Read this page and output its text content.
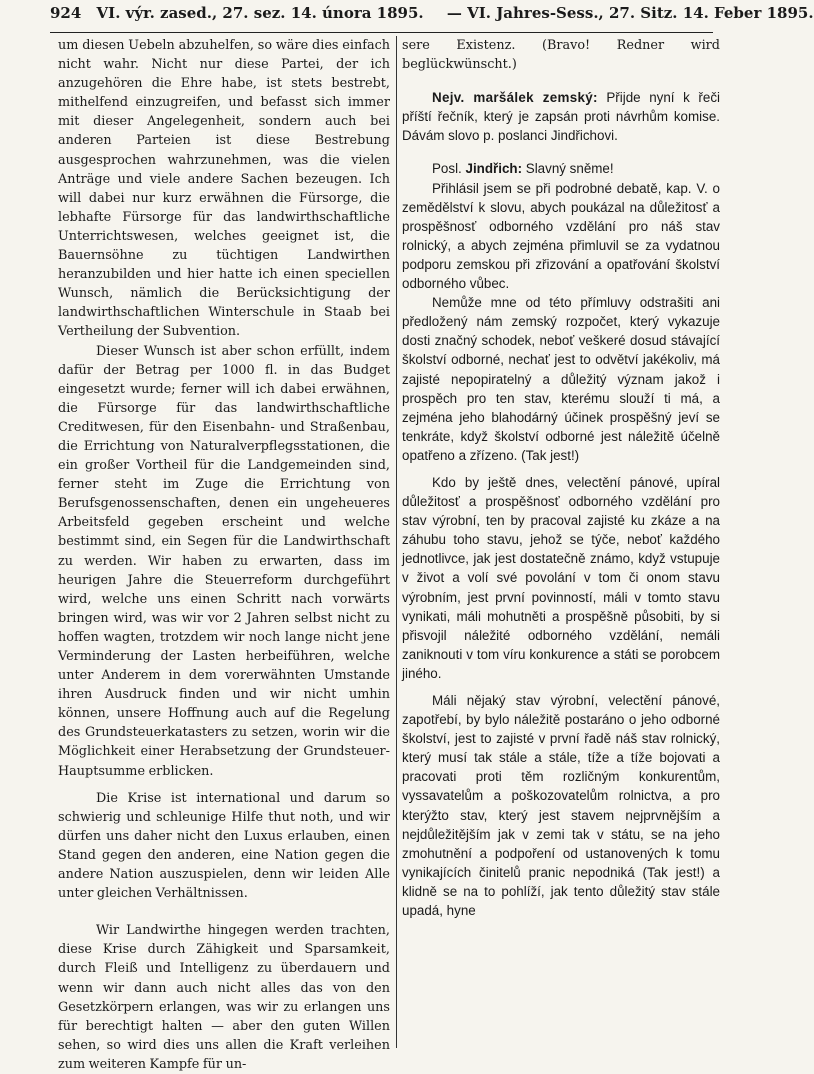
924 VI. výr. zased., 27. sez. 14. února 1895. — VI. Jahres-Sess., 27. Sitz. 14. Feber 1895.

um diesen Uebeln abzuhelfen, so wäre dies einfach nicht wahr. Nicht nur diese Partei, der ich anzugehören die Ehre habe, ist stets bestrebt, mithelfend einzugreifen, und befasst sich immer mit dieser Angelegenheit, sondern auch bei anderen Parteien ist diese Bestrebung ausgesprochen wahrzunehmen, was die vielen Anträge und viele andere Sachen bezeugen. Ich will dabei nur kurz erwähnen die Fürsorge, die lebhafte Fürsorge für das landwirthschaftliche Unterrichtswesen, welches geeignet ist, die Bauernsöhne zu tüchtigen Landwirthen heranzubilden und hier hatte ich einen speciellen Wunsch, nämlich die Berücksichtigung der landwirthschaftlichen Winterschule in Staab bei Vertheilung der Subvention.

Dieser Wunsch ist aber schon erfüllt, indem dafür der Betrag per 1000 fl. in das Budget eingesetzt wurde; ferner will ich dabei erwähnen, die Fürsorge für das landwirthschaftliche Creditwesen, für den Eisenbahn- und Straßenbau, die Errichtung von Naturalverpflegsstationen, die ein großer Vortheil für die Landgemeinden sind, ferner steht im Zuge die Errichtung von Berufsgenossenschaften, denen ein ungeheueres Arbeitsfeld gegeben erscheint und welche bestimmt sind, ein Segen für die Landwirthschaft zu werden. Wir haben zu erwarten, dass im heurigen Jahre die Steuerreform durchgeführt wird, welche uns einen Schritt nach vorwärts bringen wird, was wir vor 2 Jahren selbst nicht zu hoffen wagten, trotzdem wir noch lange nicht jene Verminderung der Lasten herbeiführen, welche unter Anderem in dem vorerwähnten Umstande ihren Ausdruck finden und wir nicht umhin können, unsere Hoffnung auch auf die Regelung des Grundsteuerkatasters zu setzen, worin wir die Möglichkeit einer Herabsetzung der Grundsteuer-Hauptsumme erblicken.

Die Krise ist international und darum so schwierig und schleunige Hilfe thut noth, und wir dürfen uns daher nicht den Luxus erlauben, einen Stand gegen den anderen, eine Nation gegen die andere Nation auszuspielen, denn wir leiden Alle unter gleichen Verhältnissen.

Wir Landwirthe hingegen werden trachten, diese Krise durch Zähigkeit und Sparsamkeit, durch Fleiß und Intelligenz zu überdauern und wenn wir dann auch nicht alles das von den Gesetzkörpern erlangen, was wir zu erlangen uns für berechtigt halten — aber den guten Willen sehen, so wird dies uns allen die Kraft verleihen zum weiteren Kampfe für un-

sere Existenz. (Bravo! Redner wird beglückwünscht.)

Nejv. maršálek zemský: Přijde nyní k řeči příští řečník, který je zapsán proti návrhům komise. Dávám slovo p. poslanci Jindřichovi.

Posl. Jindřich: Slavný sněme!

Přihlásil jsem se při podrobné debatě, kap. V. o zemědělství k slovu, abych poukázal na důležitosť a prospěšnosť odborného vzdělání pro náš stav rolnický, a abych zejména přimluvil se za vydatnou podporu zemskou při zřizování a opatřování školství odborného vůbec.

Nemůže mne od této přímluvy odstrašiti ani předložený nám zemský rozpočet, který vykazuje dosti značný schodek, neboť veškeré dosud stávající školství odborné, nechať jest to odvětví jakékoliv, má zajisté nepopiratelný a důležitý význam jakož i prospěch pro ten stav, kterému slouží ti má, a zejména jeho blahodárný účinek prospěšný jeví se tenkráte, když školství odborné jest náležitě účelně opatřeno a zřízeno. (Tak jest!)

Kdo by ještě dnes, velectění pánové, upíral důležitosť a prospěšnosť odborného vzdělání pro stav výrobní, ten by pracoval zajisté ku zkáze a na záhubu toho stavu, jehož se týče, neboť každého jednotlivce, jak jest dostatečně známo, když vstupuje v život a volí své povolání v tom či onom stavu výrobním, jest první povinností, máli v tomto stavu vynikati, máli mohutněti a prospěšně působiti, by si přisvojil náležité odborného vzdělání, nemáli zaniknouti v tom víru konkurence a státi se porobcem jiného.

Máli nějaký stav výrobní, velectění pánové, zapotřebí, by bylo náležitě postaráno o jeho odborné školství, jest to zajisté v první řadě náš stav rolnický, který musí tak stále a stále, tíže a tíže bojovati a pracovati proti těm rozličným konkurentům, vyssavatelům a poškozovatelům rolnictva, a pro kterýžto stav, který jest stavem nejprvnějším a nejdůležitějším jak v zemi tak v státu, se na jeho zmohutnění a podpoření od ustanovených k tomu vynikajících činitelů pranic nepodniká (Tak jest!) a klidně se na to pohlíží, jak tento důležitý stav stále upadá, hyne
